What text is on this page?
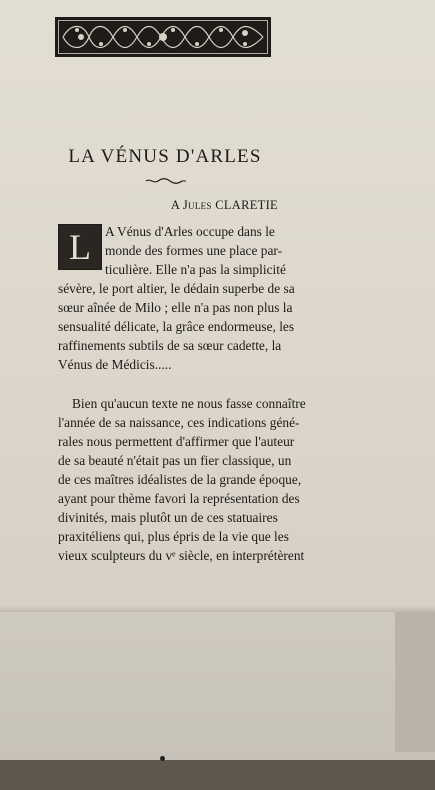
LA VÉNUS D'ARLES
A Jules CLARETIE
L	A Vénus d'Arles occupe dans le
monde des formes une place par-
ticulière. Elle n'a pas la simplicité
sévère, le port altier, le dédain superbe de sa
sœur aînée de Milo ; elle n'a pas non plus la
sensualité délicate, la grâce endormeuse, les
raffinements subtils de sa sœur cadette, la
Vénus de Médicis.....
Bien qu'aucun texte ne nous fasse connaître
l'année de sa naissance, ces indications géné-
rales nous permettent d'affirmer que l'auteur
de sa beauté n'était pas un fier classique, un
de ces maîtres idéalistes de la grande époque,
ayant pour thème favori la représentation des
divinités, mais plutôt un de ces statuaires
praxitéliens qui, plus épris de la vie que les
vieux sculpteurs du vᵉ siècle, en interprétèrent
